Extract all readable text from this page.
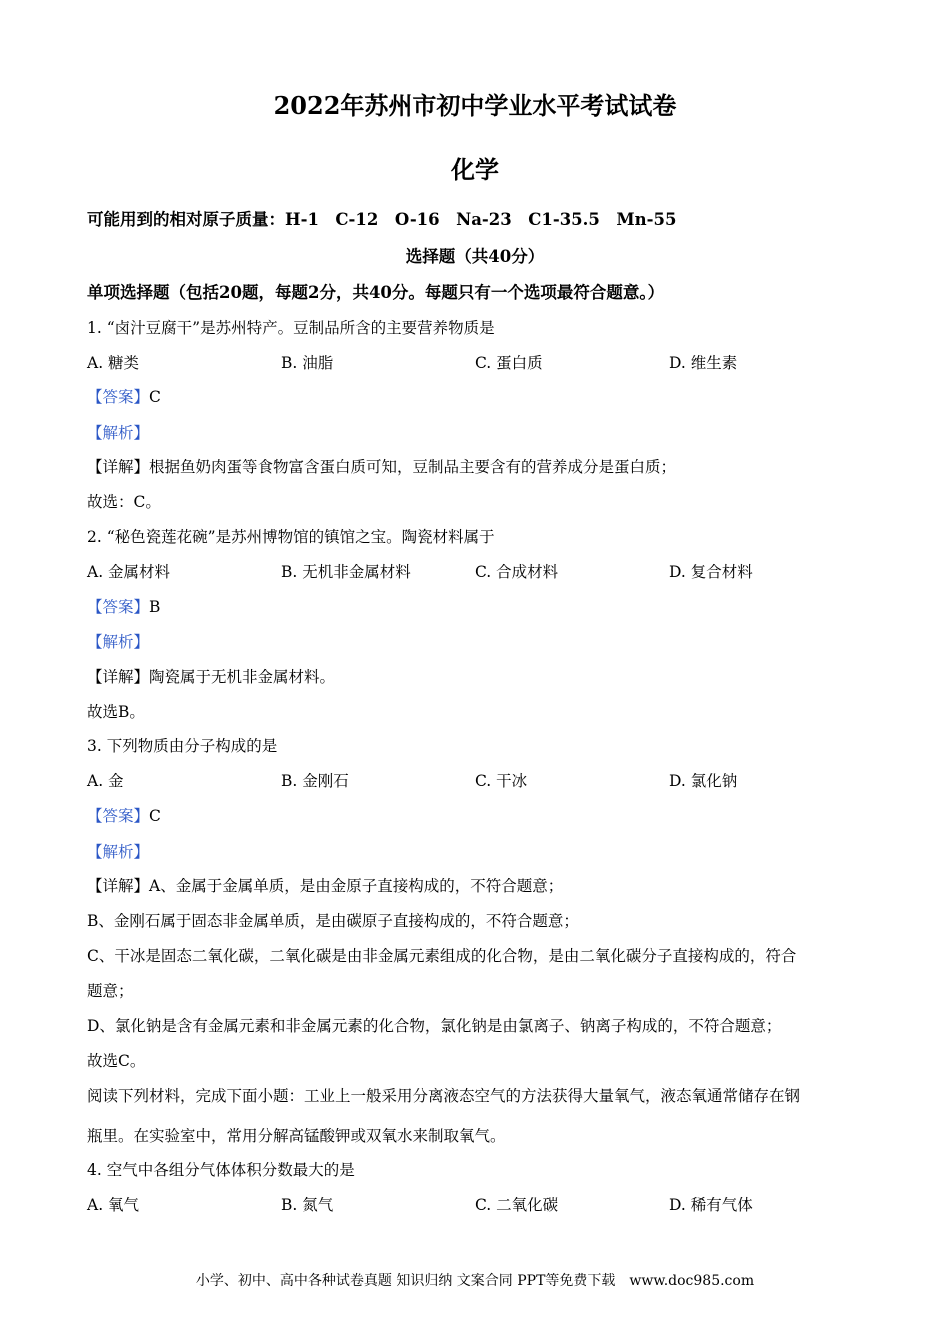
2022年苏州市初中学业水平考试试卷
化学
可能用到的相对原子质量：H-1　C-12　O-16　Na-23　C1-35.5　Mn-55
选择题（共40分）
单项选择题（包括20题，每题2分，共40分。每题只有一个选项最符合题意。）
1. “卤汁豆腐干”是苏州特产。豆制品所含的主要营养物质是
A. 糖类	B. 油脂	C. 蛋白质	D. 维生素
【答案】C
【解析】
【详解】根据鱼奶肉蛋等食物富含蛋白质可知，豆制品主要含有的营养成分是蛋白质；
故选：C。
2. “秘色瓷莲花碗”是苏州博物馆的镇馆之宝。陶瓷材料属于
A. 金属材料	B. 无机非金属材料	C. 合成材料	D. 复合材料
【答案】B
【解析】
【详解】陶瓷属于无机非金属材料。
故选B。
3. 下列物质由分子构成的是
A. 金	B. 金刚石	C. 干冰	D. 氯化钠
【答案】C
【解析】
【详解】A、金属于金属单质，是由金原子直接构成的，不符合题意；
B、金刚石属于固态非金属单质，是由碳原子直接构成的，不符合题意；
C、干冰是固态二氧化碳，二氧化碳是由非金属元素组成的化合物，是由二氧化碳分子直接构成的，符合
题意；
D、氯化钠是含有金属元素和非金属元素的化合物，氯化钠是由氯离子、钠离子构成的，不符合题意；
故选C。
阅读下列材料，完成下面小题：工业上一般采用分离液态空气的方法获得大量氧气，液态氧通常储存在钢
瓶里。在实验室中，常用分解高锰酸钾或双氧水来制取氧气。
4. 空气中各组分气体体积分数最大的是
A. 氧气	B. 氮气	C. 二氧化碳	D. 稀有气体
小学、初中、高中各种试卷真题 知识归纳 文案合同 PPT等免费下载　www.doc985.com
